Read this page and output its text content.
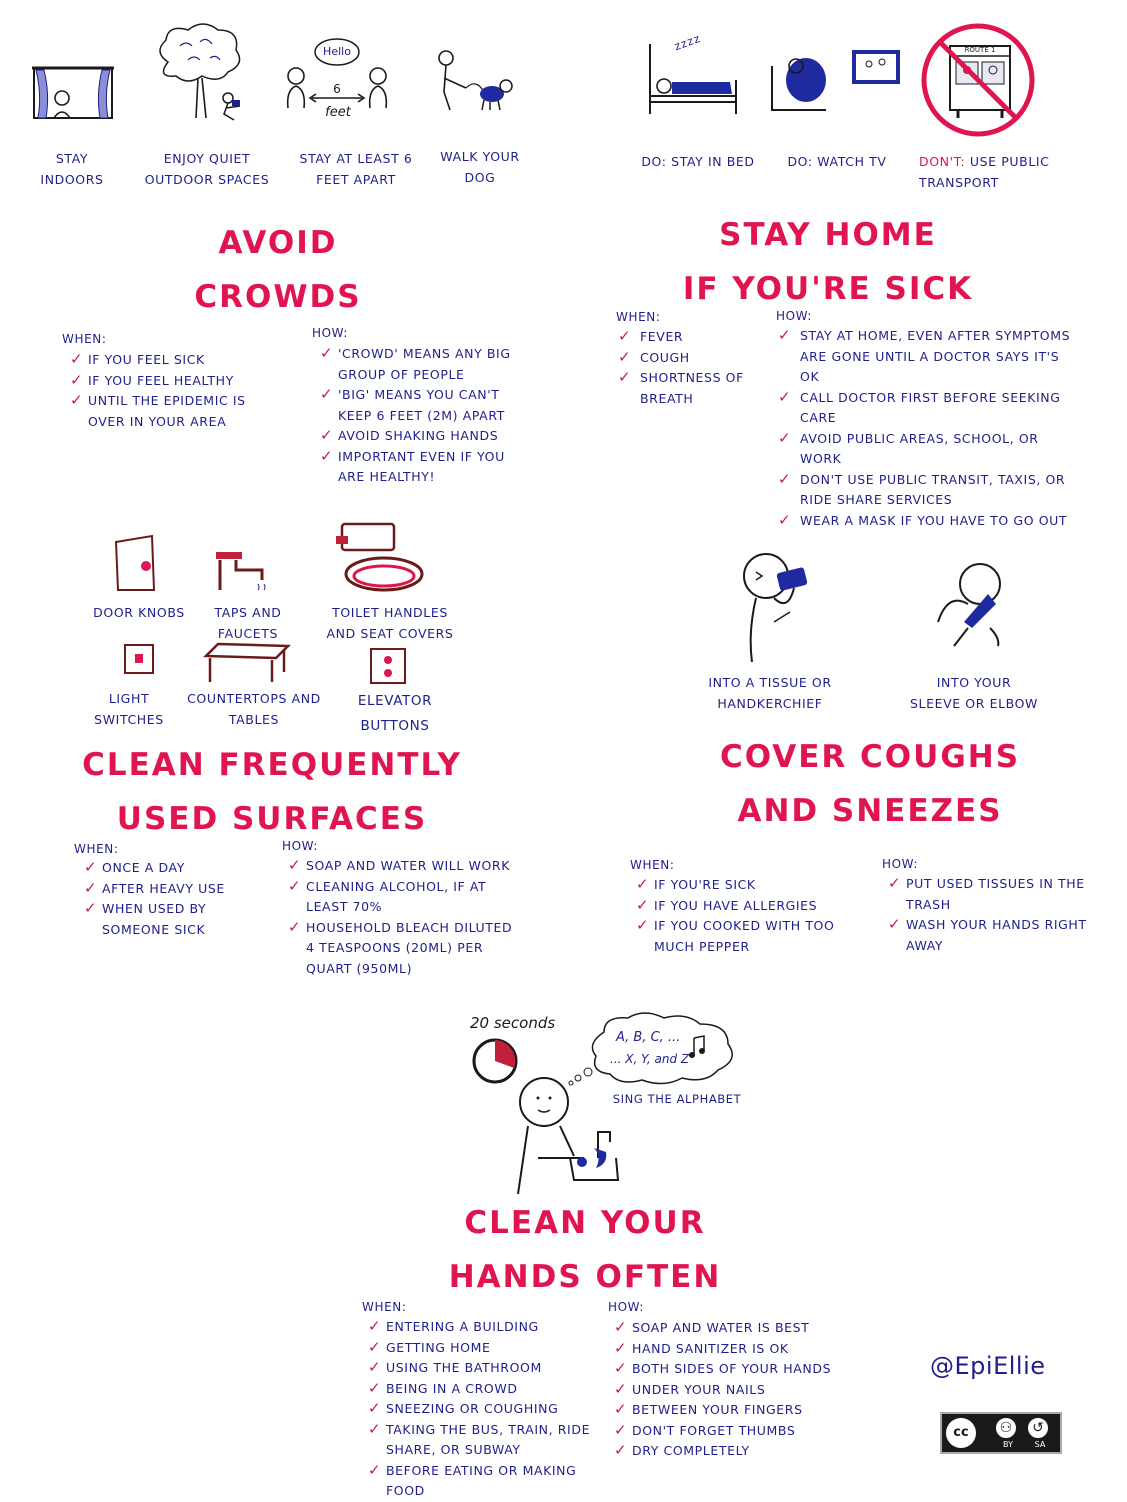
Hello
6
feet
STAY
INDOORS
ENJOY QUIET
OUTDOOR SPACES
STAY AT LEAST 6
FEET APART
WALK YOUR
DOG
AVOID
CROWDS
WHEN:
✓ IF YOU FEEL SICK
✓ IF YOU FEEL HEALTHY
✓ UNTIL THE EPIDEMIC IS OVER IN YOUR AREA
HOW:
✓ 'CROWD' MEANS ANY BIG GROUP OF PEOPLE
✓ 'BIG' MEANS YOU CAN'T KEEP 6 FEET (2M) APART
✓ AVOID SHAKING HANDS
✓ IMPORTANT EVEN IF YOU ARE HEALTHY!
zzzz	ROUTE 1
DO: STAY IN BED	DO: WATCH TV	DON'T: USE PUBLIC
TRANSPORT
STAY HOME
IF YOU'RE SICK
WHEN:
✓ FEVER
✓ COUGH
✓ SHORTNESS OF BREATH
HOW:
✓ STAY AT HOME, EVEN AFTER SYMPTOMS ARE GONE UNTIL A DOCTOR SAYS IT'S OK
✓ CALL DOCTOR FIRST BEFORE SEEKING CARE
✓ AVOID PUBLIC AREAS, SCHOOL, OR WORK
✓ DON'T USE PUBLIC TRANSIT, TAXIS, OR RIDE SHARE SERVICES
✓ WEAR A MASK IF YOU HAVE TO GO OUT
DOOR KNOBS	TAPS AND
FAUCETS
TOILET HANDLES
AND SEAT COVERS
LIGHT
SWITCHES
COUNTERTOPS AND
TABLES
ELEVATOR
BUTTONS
CLEAN FREQUENTLY
USED SURFACES
WHEN:
✓ ONCE A DAY
✓ AFTER HEAVY USE
✓ WHEN USED BY SOMEONE SICK
HOW:
✓ SOAP AND WATER WILL WORK
✓ CLEANING ALCOHOL, IF AT LEAST 70%
✓ HOUSEHOLD BLEACH DILUTED 4 TEASPOONS (20ML) PER QUART (950ML)
INTO A TISSUE OR
HANDKERCHIEF
INTO YOUR
SLEEVE OR ELBOW
COVER COUGHS
AND SNEEZES
WHEN:
✓ IF YOU'RE SICK
✓ IF YOU HAVE ALLERGIES
✓ IF YOU COOKED WITH TOO MUCH PEPPER
HOW:
✓ PUT USED TISSUES IN THE TRASH
✓ WASH YOUR HANDS RIGHT AWAY
20 seconds
A, B, C, ...
... X, Y, and Z
SING THE ALPHABET
CLEAN YOUR
HANDS OFTEN
WHEN:
✓ ENTERING A BUILDING
✓ GETTING HOME
✓ USING THE BATHROOM
✓ BEING IN A CROWD
✓ SNEEZING OR COUGHING
✓ TAKING THE BUS, TRAIN, RIDE SHARE, OR SUBWAY
✓ BEFORE EATING OR MAKING FOOD
HOW:
✓ SOAP AND WATER IS BEST
✓ HAND SANITIZER IS OK
✓ BOTH SIDES OF YOUR HANDS
✓ UNDER YOUR NAILS
✓ BETWEEN YOUR FINGERS
✓ DON'T FORGET THUMBS
✓ DRY COMPLETELY
@EpiEllie
cc	⚇	↺
BY	SA
